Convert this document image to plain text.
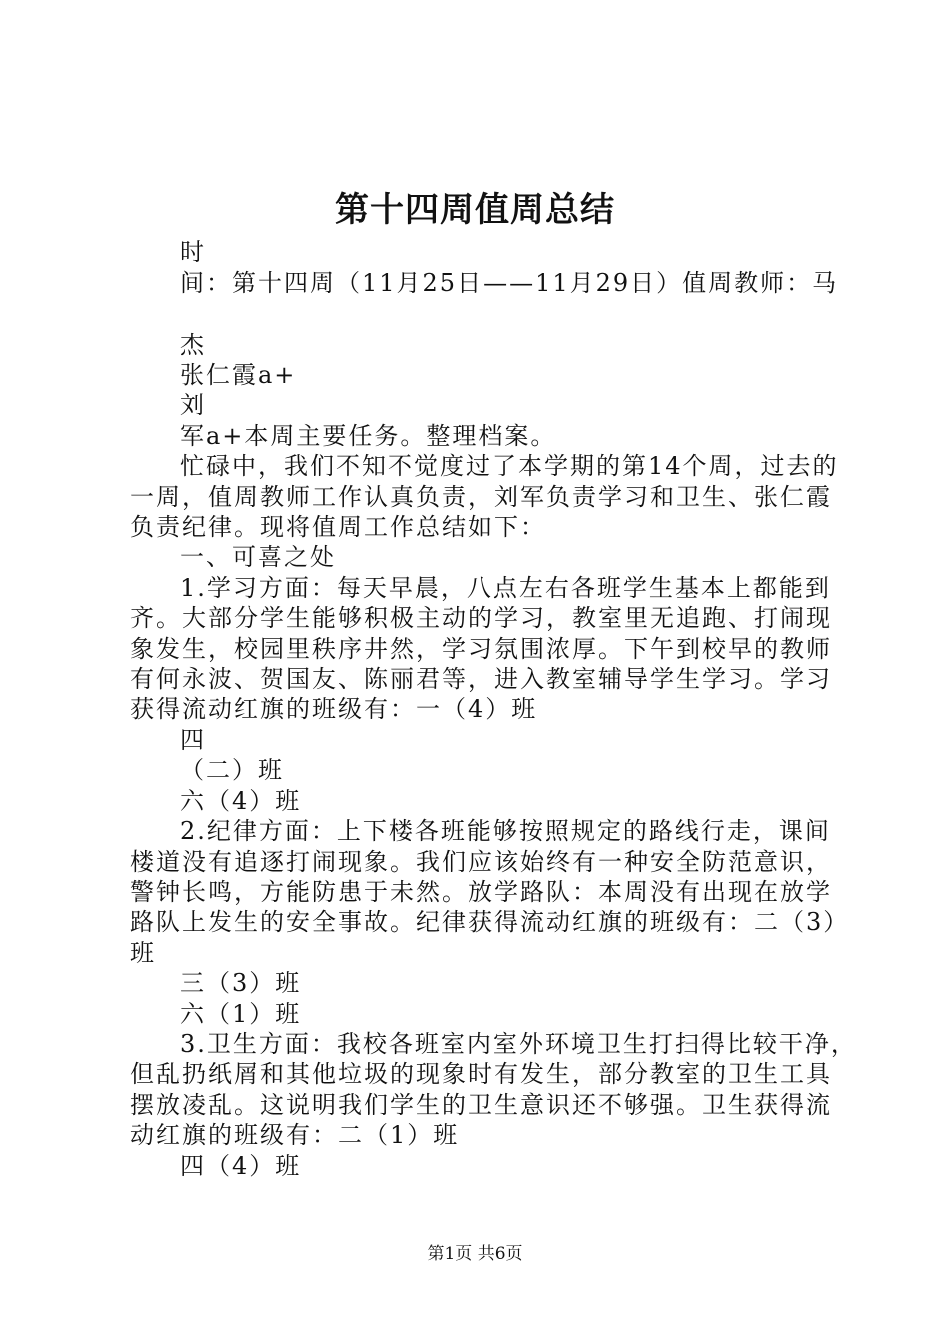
第十四周值周总结
时
间：第十四周（11月25日——11月29日）值周教师：马
杰
张仁霞a+
刘
军a+本周主要任务。整理档案。
忙碌中，我们不知不觉度过了本学期的第14个周，过去的
一周，值周教师工作认真负责，刘军负责学习和卫生、张仁霞
负责纪律。现将值周工作总结如下：
一、可喜之处
1.学习方面：每天早晨，八点左右各班学生基本上都能到
齐。大部分学生能够积极主动的学习，教室里无追跑、打闹现
象发生，校园里秩序井然，学习氛围浓厚。下午到校早的教师
有何永波、贺国友、陈丽君等，进入教室辅导学生学习。学习
获得流动红旗的班级有：一（4）班
四
（二）班
六（4）班
2.纪律方面：上下楼各班能够按照规定的路线行走，课间
楼道没有追逐打闹现象。我们应该始终有一种安全防范意识，
警钟长鸣，方能防患于未然。放学路队：本周没有出现在放学
路队上发生的安全事故。纪律获得流动红旗的班级有：二（3）
班
三（3）班
六（1）班
3.卫生方面：我校各班室内室外环境卫生打扫得比较干净，
但乱扔纸屑和其他垃圾的现象时有发生，部分教室的卫生工具
摆放凌乱。这说明我们学生的卫生意识还不够强。卫生获得流
动红旗的班级有：二（1）班
四（4）班
第1页 共6页
